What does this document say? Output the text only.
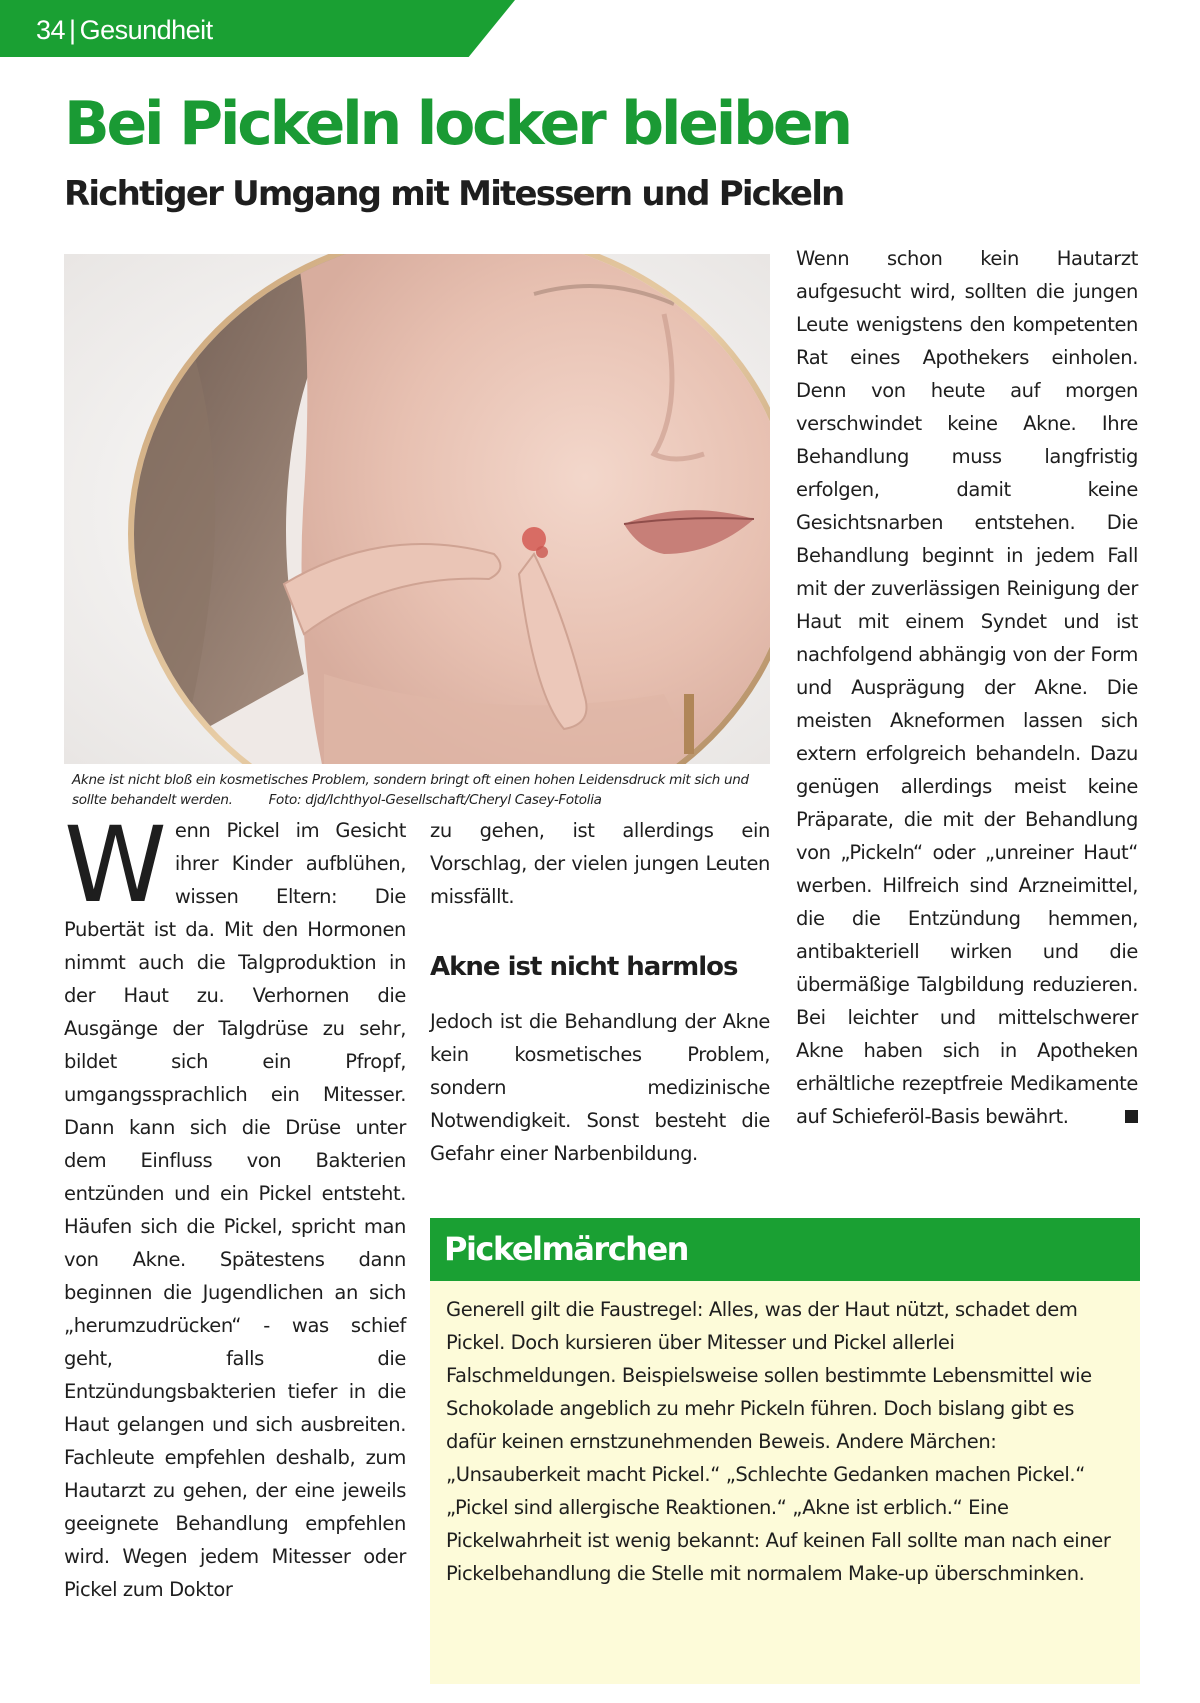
34 | Gesundheit
Bei Pickeln locker bleiben
Richtiger Umgang mit Mitessern und Pickeln

Akne ist nicht bloß ein kosmetisches Problem, sondern bringt oft einen hohen Leidensdruck mit sich und sollte behandelt werden.	Foto: djd/Ichthyol-Gesellschaft/Cheryl Casey-Fotolia

Wenn Pickel im Gesicht ihrer Kinder aufblühen, wissen Eltern: Die Pubertät ist da. Mit den Hormonen nimmt auch die Talgproduktion in der Haut zu. Verhornen die Ausgänge der Talgdrüse zu sehr, bildet sich ein Pfropf, umgangssprachlich ein Mitesser. Dann kann sich die Drüse unter dem Einfluss von Bakterien entzünden und ein Pickel entsteht. Häufen sich die Pickel, spricht man von Akne. Spätestens dann beginnen die Jugendlichen an sich „herumzudrücken“ - was schief geht, falls die Entzündungsbakterien tiefer in die Haut gelangen und sich ausbreiten. Fachleute empfehlen deshalb, zum Hautarzt zu gehen, der eine jeweils geeignete Behandlung empfehlen wird. Wegen jedem Mitesser oder Pickel zum Doktor

zu gehen, ist allerdings ein Vorschlag, der vielen jungen Leuten missfällt.

Akne ist nicht harmlos

Jedoch ist die Behandlung der Akne kein kosmetisches Problem, sondern medizinische Notwendigkeit. Sonst besteht die Gefahr einer Narbenbildung.

Wenn schon kein Hautarzt aufgesucht wird, sollten die jungen Leute wenigstens den kompetenten Rat eines Apothekers einholen. Denn von heute auf morgen verschwindet keine Akne. Ihre Behandlung muss langfristig erfolgen, damit keine Gesichtsnarben entstehen. Die Behandlung beginnt in jedem Fall mit der zuverlässigen Reinigung der Haut mit einem Syndet und ist nachfolgend abhängig von der Form und Ausprägung der Akne. Die meisten Akneformen lassen sich extern erfolgreich behandeln. Dazu genügen allerdings meist keine Präparate, die mit der Behandlung von „Pickeln“ oder „unreiner Haut“ werben. Hilfreich sind Arzneimittel, die die Entzündung hemmen, antibakteriell wirken und die übermäßige Talgbildung reduzieren. Bei leichter und mittelschwerer Akne haben sich in Apotheken erhältliche rezeptfreie Medikamente auf Schieferöl-Basis bewährt.
Pickelmärchen

Generell gilt die Faustregel: Alles, was der Haut nützt, schadet dem Pickel. Doch kursieren über Mitesser und Pickel allerlei Falschmeldungen. Beispielsweise sollen bestimmte Lebensmittel wie Schokolade angeblich zu mehr Pickeln führen. Doch bislang gibt es dafür keinen ernstzunehmenden Beweis. Andere Märchen: „Unsauberkeit macht Pickel.“ „Schlechte Gedanken machen Pickel.“ „Pickel sind allergische Reaktionen.“ „Akne ist erblich.“ Eine Pickelwahrheit ist wenig bekannt: Auf keinen Fall sollte man nach einer Pickelbehandlung die Stelle mit normalem Make-up überschminken.
